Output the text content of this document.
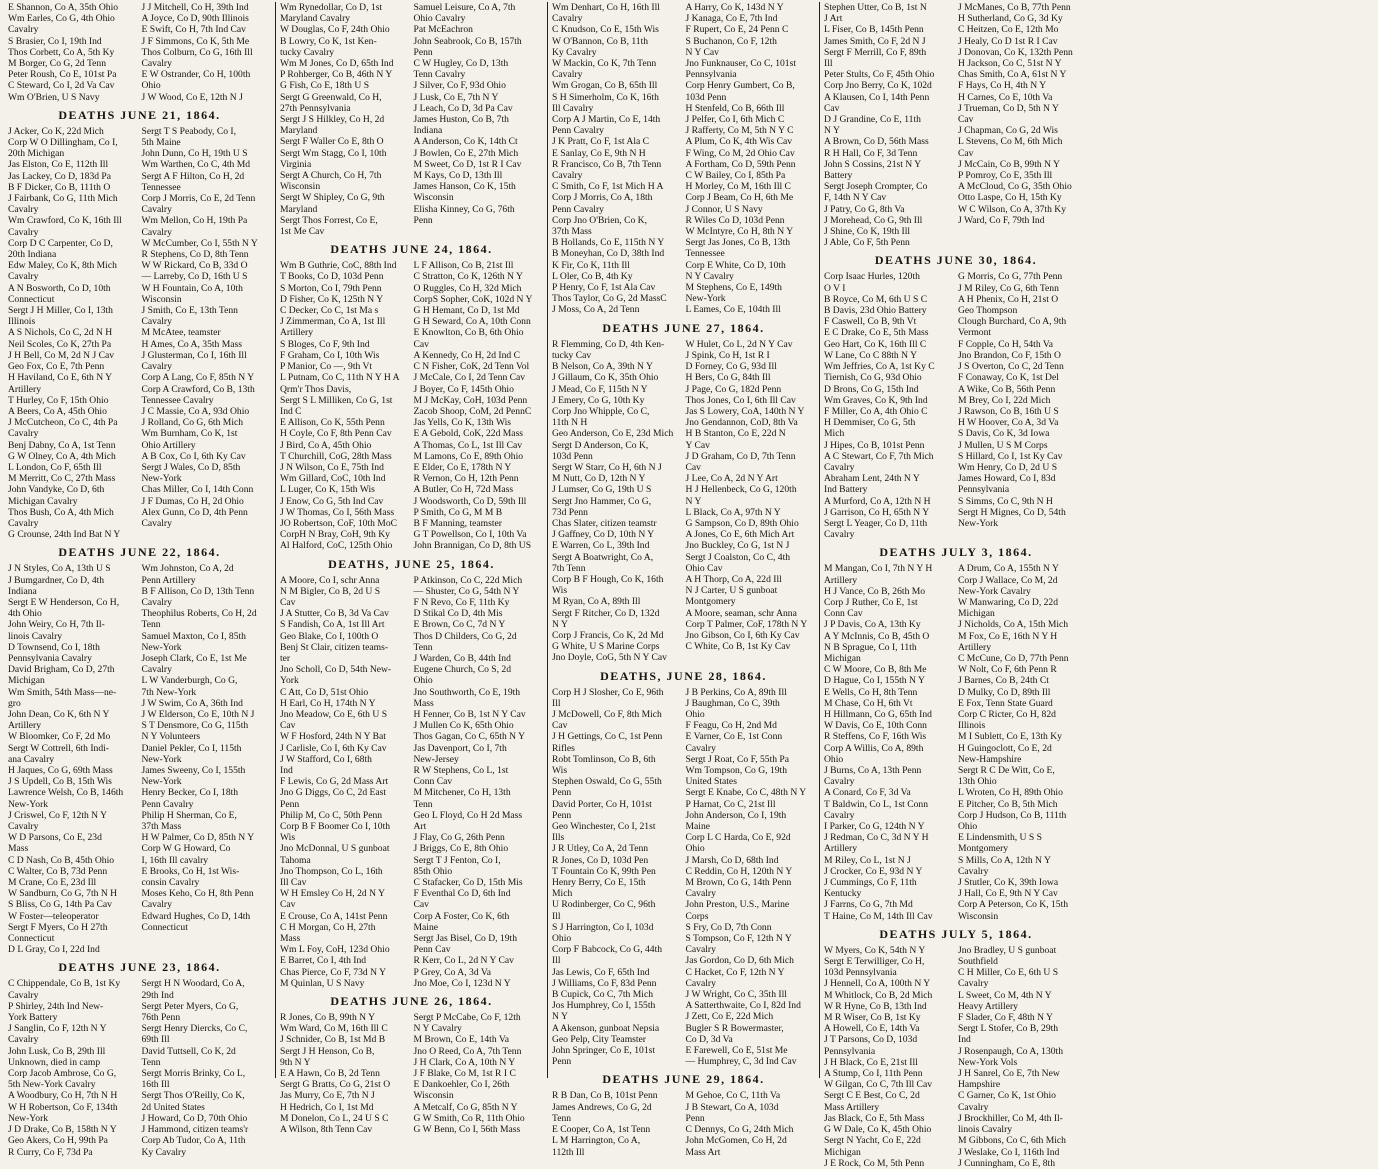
E Shannon, Co A, 35th Ohio	J J Mitchell, Co H, 39th Ind
Wm Earles, Co G, 4th Ohio	A Joyce, Co D, 90th Illinois
Cavalry	E Swift, Co H, 7th Ind Cav
S Brasier, Co I, 19th Ind	J F Simmons, Co K, 5th Me
Thos Corbett, Co A, 5th Ky	Thos Colburn, Co G, 16th Ill
M Borger, Co G, 2d Tenn	Cavalry
Peter Roush, Co E, 101st Pa	E W Ostrander, Co H, 100th
C Steward, Co I, 2d Va Cav	Ohio
Wm O'Brien, U S Navy	J W Wood, Co E, 12th N J
DEATHS JUNE 21, 1864.
J Acker, Co K, 22d Mich	Sergt T S Peabody, Co I,
Corp W O Dillingham, Co I,	5th Maine
20th Michigan	John Dunn, Co H, 19th U S
Jas Elston, Co E, 112th Ill	Wm Warthen, Co C, 4th Md
Jas Lackey, Co D, 183d Pa	Sergt A F Hilton, Co H, 2d
B F Dicker, Co B, 111th O	Tennessee
J Fairbank, Co G, 11th Mich	Corp J Morris, Co E, 2d Tenn
Cavalry	Cavalry
Wm Crawford, Co K, 16th Ill	Wm Mellon, Co H, 19th Pa
Cavalry	Cavalry
Corp D C Carpenter, Co D,	W McCumber, Co I, 55th N Y
20th Indiana	R Stephens, Co D, 8th Tenn
Edw Maley, Co K, 8th Mich	W W Rickard, Co B, 33d O
Cavalry	— Larreby, Co D, 16th U S
A N Bosworth, Co D, 10th	W H Fountain, Co A, 10th
Connecticut	Wisconsin
Sergt J H Miller, Co I, 13th	J Smith, Co E, 13th Tenn
Illinois	Cavalry
A S Nichols, Co C, 2d N H	M McAtee, teamster
Neil Scoles, Co K, 27th Pa	H Ames, Co A, 35th Mass
J H Bell, Co M, 2d N J Cav	J Glusterman, Co I, 16th Ill
Geo Fox, Co E, 7th Penn	Cavalry
H Haviland, Co E, 6th N Y	Corp A Lang, Co F, 85th N Y
Artillery	Corp A Crawford, Co B, 13th
T Hurley, Co F, 15th Ohio	Tennessee Cavalry
A Beers, Co A, 45th Ohio	J C Massie, Co A, 93d Ohio
J McCutcheon, Co C, 4th Pa	J Rolland, Co G, 6th Mich
Cavalry	Wm Burnham, Co K, 1st
Benj Dabny, Co A, 1st Tenn	Ohio Artillery
G W Olney, Co A, 4th Mich	A B Cox, Co I, 6th Ky Cav
L London, Co F, 65th Ill	Sergt J Wales, Co D, 85th
M Merritt, Co C, 27th Mass	New-York
John Vandyke, Co D, 6th	Chas Miller, Co I, 14th Conn
Michigan Cavalry	J F Dumas, Co H, 2d Ohio
Thos Bush, Co A, 4th Mich	Alex Gunn, Co D, 4th Penn
Cavalry	Cavalry
G Crounse, 24th Ind Bat N Y
DEATHS JUNE 22, 1864.
J N Styles, Co A, 13th U S	Wm Johnston, Co A, 2d
J Bumgardner, Co D, 4th	Penn Artillery
Indiana	B F Allison, Co D, 13th Tenn
Sergt E W Henderson, Co H,	Cavalry
4th Ohio	Theophilus Roberts, Co H, 2d
John Weiry, Co H, 7th Il-	Tenn
linois Cavalry	Samuel Maxton, Co I, 85th
D Townsend, Co I, 18th	New-York
Pennsylvania Cavalry	Joseph Clark, Co E, 1st Me
David Brigham, Co D, 27th	Cavalry
Michigan	L W Vanderburgh, Co G,
Wm Smith, 54th Mass—ne-	7th New-York
gro	J W Swim, Co A, 36th Ind
John Dean, Co K, 6th N Y	J W Elderson, Co E, 10th N J
Artillery	S T Densmore, Co G, 115th
W Bloomker, Co F, 2d Mo	N Y Volunteers
Sergt W Cottrell, 6th Indi-	Daniel Pekler, Co I, 115th
ana Cavalry	New-York
H Jaques, Co G, 69th Mass	James Sweeny, Co I, 155th
J S Updell, Co B, 15th Wis	New-York
Lawrence Welsh, Co B, 146th	Henry Becker, Co I, 18th
New-York	Penn Cavalry
J Criswel, Co F, 12th N Y	Philip H Sherman, Co E,
Cavalry	37th Mass
W D Parsons, Co E, 23d	H W Palmer, Co D, 85th N Y
Mass	Corp W G Howard, Co
C D Nash, Co B, 45th Ohio	I, 16th Ill cavalry
C Walter, Co B, 73d Penn	E Brooks, Co H, 1st Wis-
M Crane, Co E, 23d Ill	consin Cavalry
W Sandburn, Co G, 7th N H	Moses Keho, Co H, 8th Penn
S Bliss, Co G, 14th Pa Cav	Cavalry
W Foster—teleoperator	Edward Hughes, Co D, 14th
Sergt F Myers, Co H 27th	Connecticut
Connecticut
D L Gray, Co I, 22d Ind
DEATHS JUNE 23, 1864.
C Chippendale, Co B, 1st Ky	Sergt H N Woodard, Co A,
Cavalry	29th Ind
P Shirley, 24th Ind New-	Sergt Peter Myers, Co G,
York Battery	76th Penn
J Sanglin, Co F, 12th N Y	Sergt Henry Diercks, Co C,
Cavalry	69th Ill
John Lusk, Co B, 29th Ill	David Tuttsell, Co K, 2d
Unknown, died in camp	Tenn
Corp Jacob Ambrose, Co G,	Sergt Morris Brinky, Co L,
5th New-York Cavalry	16th Ill
A Woodbury, Co H, 7th N H	Sergt Thos O'Reilly, Co K,
W H Robertson, Co F, 134th	2d United States
New-York	J Howard, Co D, 70th Ohio
J D Drake, Co B, 158th N Y	J Hammond, citizen teams'r
Geo Akers, Co H, 99th Pa	Corp Ab Tudor, Co A, 11th
R Curry, Co F, 73d Pa	Ky Cavalry
Wm Rynedollar, Co D, 1st	Samuel Leisure, Co A, 7th
Maryland Cavalry	Ohio Cavalry
W Douglas, Co F, 24th Ohio	Pat McEachron
B Lowry, Co K, 1st Ken-	John Seabrook, Co B, 157th
tucky Cavalry	Penn
Wm M Jones, Co D, 65th Ind	C W Hugley, Co D, 13th
P Rohberger, Co B, 46th N Y	Tenn Cavalry
G Fish, Co E, 18th U S	J Silver, Co F, 93d Ohio
Sergt G Greenwald, Co H,	J Lusk, Co E, 7th N Y
27th Pennsylvania	J Leach, Co D, 3d Pa Cav
Sergt J S Hilkley, Co H, 2d	James Huston, Co B, 7th
Maryland	Indiana
Sergt F Waller Co E, 8th O	A Anderson, Co K, 14th Ct
Sergt Wm Stagg, Co I, 10th	J Bowlen, Co E, 27th Mich
Virginia	M Sweet, Co D, 1st R I Cav
Sergt A Church, Co H, 7th	M Kays, Co D, 13th Ill
Wisconsin	James Hanson, Co K, 15th
Sergt W Shipley, Co G, 9th	Wisconsin
Maryland	Elisha Kinney, Co G, 76th
Sergt Thos Forrest, Co E,	Penn
1st Me Cav
DEATHS JUNE 24, 1864.
Wm B Guthrie, CoC, 88th Ind	L F Allison, Co B, 21st Ill
T Books, Co D, 103d Penn	C Stratton, Co K, 126th N Y
S Morton, Co I, 79th Penn	O Ruggles, Co H, 32d Mich
D Fisher, Co K, 125th N Y	CorpS Sopher, CoK, 102d N Y
C Decker, Co C, 1st Ma s	G H Hemant, Co D, 1st Md
J Zimmerman, Co A, 1st Ill	G H Seward, Co A, 10th Conn
Artillery	E Knowlton, Co B, 6th Ohio
S Bloges, Co F, 9th Ind	Cav
F Graham, Co I, 10th Wis	A Kennedy, Co H, 2d Ind C
P Manior, Co —, 9th Vt	C N Fisher, CoK, 2d Tenn Vol
L Putnam, Co C, 11th N Y H A	J McCale, Co I, 2d Tenn Cav
Qrm'r Thos Davis,	J Boyer, Co F, 145th Ohio
Sergt S L Milliken, Co G, 1st	M J McKay, CoH, 103d Penn
Ind C	Zacob Shoop, CoM, 2d PennC
E Allison, Co K, 55th Penn	Jas Yells, Co K, 13th Wis
H Coyle, Co F, 8th Penn Cav	E A Gebold, CoK, 22d Mass
J Bird, Co A, 45th Ohio	A Thomas, Co L, 1st Ill Cav
T Churchill, CoG, 28th Mass	M Lamons, Co E, 89th Ohio
J N Wilson, Co E, 75th Ind	E Elder, Co E, 178th N Y
Wm Gillard, CoC, 10th Ind	R Vernon, Co H, 12th Penn
L Luger, Co K, 15th Wis	A Butler, Co H, 72d Mass
J Enow, Co G, 5th Ind Cav	J Woodsworth, Co D, 59th Ill
J W Thomas, Co I, 56th Mass	P Smith, Co G, M M B
JO Robertson, CoF, 10th MoC	B F Manning, teamster
CorpH N Bray, CoH, 9th Ky	G T Powellson, Co I, 10th Va
Al Halford, CoC, 125th Ohio	John Brannigan, Co D, 8th US
DEATHS, JUNE 25, 1864.
A Moore, Co I, schr Anna	P Atkinson, Co C, 22d Mich
N M Bigler, Co B, 2d U S	— Shuster, Co G, 54th N Y
Cav	F N Revo, Co F, 11th Ky
J A Stutter, Co B, 3d Va Cav	D Stikal Co D, 4th Mis
S Fandish, Co A, 1st Ill Art	E Brown, Co C, 7d N Y
Geo Blake, Co I, 100th O	Thos D Childers, Co G, 2d
Benj St Clair, citizen teams-	Tenn
ter	J Warden, Co B, 44th Ind
Jno Scholl, Co D, 54th New-	Eugene Church, Co S, 2d
York	Ohio
C Att, Co D, 51st Ohio	Jno Southworth, Co E, 19th
H Earl, Co H, 174th N Y	Mass
Jno Meadow, Co E, 6th U S	H Fenner, Co B, 1st N Y Cav
Cav	J Mullen Co K, 65th Ohio
W F Hosford, 24th N Y Bat	Thos Gagan, Co C, 65th N Y
J Carlisle, Co I, 6th Ky Cav	Jas Davenport, Co I, 7th
J W Stafford, Co I, 68th	New-Jersey
Ind	R W Stephens, Co L, 1st
F Lewis, Co G, 2d Mass Art	Conn Cav
Jno G Diggs, Co C, 2d East	M Mitchener, Co H, 13th
Penn	Tenn
Philip M, Co C, 50th Penn	Geo L Floyd, Co H 2d Mass
Corp B F Boomer Co I, 10th	Art
Wis	J Flay, Co G, 26th Penn
Jno McDonnal, U S gunboat	J Briggs, Co E, 8th Ohio
Tahoma	Sergt T J Fenton, Co I,
Jno Thompson, Co L, 16th	85th Ohio
Ill Cav	C Stafacker, Co D, 15th Mis
W H Emsley Co H, 2d N Y	F Eventhal Co D, 6th Ind
Cav	Cav
E Crouse, Co A, 141st Penn	Corp A Foster, Co K, 6th
C H Morgan, Co H, 27th	Maine
Mass	Sergt Jas Bisel, Co D, 19th
Wm L Foy, CoH, 123d Ohio	Penn Cav
E Barret, Co I, 4th Ind	R Kerr, Co L, 2d N Y Cav
Chas Pierce, Co F, 73d N Y	P Grey, Co A, 3d Va
M Quinlan, U S Navy	Jno Moe, Co I, 123d N Y
DEATHS JUNE 26, 1864.
R Jones, Co B, 99th N Y	Sergt P McCabe, Co F, 12th
Wm Ward, Co M, 16th Ill C	N Y Cavalry
J Schnider, Co B, 1st Md B	M Brown, Co E, 14th Va
Sergt J H Henson, Co B,	Jno O Reed, Co A, 7th Tenn
9th N Y	J H Clark, Co A, 10th N Y
E A Hawn, Co B, 2d Tenn	J F Blake, Co M, 1st R I C
Sergt G Bratts, Co G, 21st O	E Dankoehler, Co I, 26th
Jas Murry, Co E, 7th N J	Wisconsin
H Hedrich, Co I, 1st Md	A Metcalf, Co G, 85th N Y
M Donelon, Co L, 24 U S C	G W Smith, Co R, 11th Ohio
A Wilson, 8th Tenn Cav	G W Benn, Co I, 56th Mass
Wm Denhart, Co H, 16th Ill	A Harry, Co K, 143d N Y
Cavalry	J Kanaga, Co E, 7th Ind
C Knudson, Co E, 15th Wis	F Rupert, Co E, 24 Penn C
W O'Bannon, Co B, 11th	S Buchanon, Co F, 12th
Ky Cavalry	N Y Cav
W Mackin, Co K, 7th Tenn	Jno Funknauser, Co C, 101st
Cavalry	Pennsylvania
Wm Grogan, Co B, 65th Ill	Corp Henry Gumbert, Co B,
S H Simerholm, Co K, 16th	103d Penn
Ill Cavalry	H Stenfeld, Co B, 66th Ill
Corp A J Martin, Co E, 14th	J Pelfer, Co I, 6th Mich C
Penn Cavalry	J Rafferty, Co M, 5th N Y C
J K Pratt, Co F, 1st Ala C	A Plum, Co K, 4th Wis Cav
E Sanlay, Co E, 9th N H	F Wing, Co M, 2d Ohio Cav
R Francisco, Co B, 7th Tenn	A Fortham, Co D, 59th Penn
Cavalry	C W Bailey, Co I, 85th Pa
C Smith, Co F, 1st Mich H A	H Morley, Co M, 16th Ill C
Corp J Morris, Co A, 18th	Corp J Beam, Co H, 6th Me
Penn Cavalry	J Connor, U S Navy
Corp Jno O'Brien, Co K,	R Wiles Co D, 103d Penn
37th Mass	W McIntyre, Co H, 8th N Y
B Hollands, Co E, 115th N Y	Sergt Jas Jones, Co B, 13th
B Moneyhan, Co D, 38th Ind	Tennessee
K Fir, Co K, 11th Ill	Corp E White, Co D, 10th
L Oler, Co B, 4th Ky	N Y Cavalry
P Henry, Co F, 1st Ala Cav	M Stephens, Co E, 149th
Thos Taylor, Co G, 2d MassC	New-York
J Moss, Co A, 2d Tenn	L Eames, Co E, 104th Ill
DEATHS JUNE 27, 1864.
R Flemming, Co D, 4th Ken-	W Hulet, Co L, 2d N Y Cav
tucky Cav	J Spink, Co H, 1st R I
B Nelson, Co A, 39th N Y	D Forney, Co G, 93d Ill
J Gillaum, Co K, 35th Ohio	H Bers, Co G, 84th Ill
J Mead, Co F, 115th N Y	J Page, Co G, 182d Penn
J Emery, Co G, 10th Ky	Thos Jones, Co I, 6th Ill Cav
Corp Jno Whipple, Co C,	Jas S Lowery, CoA, 140th N Y
11th N H	Jno Gendannon, CoD, 8th Va
Geo Anderson, Co E, 23d Mich	H B Stanton, Co E, 22d N
Sergt D Anderson, Co K,	Y Cav
103d Penn	J D Graham, Co D, 7th Tenn
Sergt W Starr, Co H, 6th N J	Cav
M Nutt, Co D, 12th N Y	J Lee, Co A, 2d N Y Art
J Lumser, Co G, 19th U S	H J Hellenbeck, Co G, 120th
Sergt Jno Hammer, Co G,	N Y
73d Penn	L Black, Co A, 97th N Y
Chas Slater, citizen teamstr	G Sampson, Co D, 89th Ohio
J Gaffney, Co D, 10th N Y	A Jones, Co E, 6th Mich Art
E Warren, Co L, 39th Ind	Jno Buckley, Co G, 1st N J
Sergt A Boatwright, Co A,	Sergt J Coalston, Co C, 4th
7th Tenn	Ohio Cav
Corp B F Hough, Co K, 16th	A H Thorp, Co A, 22d Ill
Wis	N J Carter, U S gunboat
M Ryan, Co A, 89th Ill	Montgomery
Sergt F Ritcher, Co D, 132d	A Moore, seaman, schr Anna
N Y	Corp T Palmer, CoF, 178th N Y
Corp J Francis, Co K, 2d Md	Jno Gibson, Co I, 6th Ky Cav
G White, U S Marine Corps	C White, Co B, 1st Ky Cav
Jno Doyle, CoG, 5th N Y Cav
DEATHS, JUNE 28, 1864.
Corp H J Slosher, Co E, 96th	J B Perkins, Co A, 89th Ill
Ill	J Baughman, Co C, 39th
J McDowell, Co F, 8th Mich	Ohio
Cav	F Feagu, Co H, 2nd Md
J H Gettings, Co C, 1st Penn	E Varner, Co E, 1st Conn
Rifles	Cavalry
Robt Tomlinson, Co B, 6th	Sergt J Roat, Co F, 55th Pa
Wis	Wm Tompson, Co G, 19th
Stephen Oswald, Co G, 55th	United States
Penn	Sergt E Knabe, Co C, 48th N Y
David Porter, Co H, 101st	P Harnat, Co C, 21st Ill
Penn	John Anderson, Co I, 19th
Geo Winchester, Co I, 21st	Maine
Ills	Corp L C Harda, Co E, 92d
J R Utley, Co A, 2d Tenn	Ohio
R Jones, Co D, 103d Pen	J Marsh, Co D, 68th Ind
T Fountain Co K, 99th Pen	C Reddin, Co H, 120th N Y
Henry Berry, Co E, 15th	M Brown, Co G, 14th Penn
Mich	Cavalry
U Rodinberger, Co C, 96th	John Preston, U.S., Marine
Ill	Corps
S J Harrington, Co I, 103d	S Fry, Co D, 7th Conn
Ohio	S Tompson, Co F, 12th N Y
Corp F Babcock, Co G, 44th	Cavalry
Ill	Jas Gordon, Co D, 6th Mich
Jas Lewis, Co F, 65th Ind	C Hacket, Co F, 12th N Y
J Williams, Co F, 83d Penn	Cavalry
B Cupick, Co C, 7th Mich	J W Wright, Co C, 35th Ill
Jos Humphrey, Co I, 155th	A Satterthwaite, Co I, 82d Ind
N Y	J Zett, Co E, 22d Mich
A Akenson, gunboat Nepsia	Bugler S R Bowermaster,
Geo Pelp, City Teamster	Co D, 3d Va
John Springer, Co E, 101st	E Farewell, Co E, 51st Me
Penn	— Humphrey, C, 3d Ind Cav
DEATHS JUNE 29, 1864.
R B Dan, Co B, 101st Penn	M Gehoe, Co C, 11th Va
James Andrews, Co G, 2d	J B Stewart, Co A, 103d
Tenn	Penn
E Cooper, Co A, 1st Tenn	C Dennys, Co G, 24th Mich
L M Harrington, Co A,	John McGomen, Co H, 2d
112th Ill	Mass Art
Stephen Utter, Co B, 1st N	J McManes, Co B, 77th Penn
J Art	H Sutherland, Co G, 3d Ky
L Fiser, Co B, 145th Penn	C Heitzen, Co E, 12th Mo
James Smith, Co F, 2d N J	J Healy, Co D 1st R I Cav
Sergt F Merrill, Co F, 89th	J Donovan, Co K, 132th Penn
Ill	H Jackson, Co C, 51st N Y
Peter Stults, Co F, 45th Ohio	Chas Smith, Co A, 61st N Y
Corp Jno Berry, Co K, 102d	F Hays, Co H, 4th N Y
A Klausen, Co I, 14th Penn	H Carnes, Co E, 10th Va
Cav	J Trueman, Co D, 5th N Y
D J Grandine, Co E, 11th	Cav
N Y	J Chapman, Co G, 2d Wis
A Brown, Co D, 56th Mass	L Stevens, Co M, 6th Mich
R H Hall, Co F, 3d Tenn	Cav
John S Cossins, 21st N Y	J McCain, Co B, 99th N Y
Battery	P Pomroy, Co E, 35th Ill
Sergt Joseph Crompter, Co	A McCloud, Co G, 35th Ohio
F, 14th N Y Cav	Otto Laspe, Co H, 15th Ky
J Patry, Co G, 8th Va	W C Wilson, Co A, 37th Ky
J Morehead, Co G, 9th Ill	J Ward, Co F, 79th Ind
J Shine, Co K, 19th Ill
J Able, Co F, 5th Penn
DEATHS JUNE 30, 1864.
Corp Isaac Hurles, 120th	G Morris, Co G, 77th Penn
O V I	J M Riley, Co G, 6th Tenn
B Royce, Co M, 6th U S C	A H Phenix, Co H, 21st O
B Davis, 23d Ohio Battery	Geo Thompson
F Caswell, Co B, 9th Vt	Clough Burchard, Co A, 9th
E C Drake, Co E, 5th Mass	Vermont
Geo Hart, Co K, 16th Ill C	F Copple, Co H, 54th Va
W Lane, Co C 88th N Y	Jno Brandon, Co F, 15th O
Wm Jeffries, Co A, 1st Ky C	J S Overton, Co C, 2d Tenn
Tiernish, Co G, 93d Ohio	F Conaway, Co K, 1st Del
D Brons, Co G, 15th Ind	A Wike, Co B, 56th Penn
Wm Graves, Co K, 9th Ind	M Brey, Co I, 22d Mich
F Miller, Co A, 4th Ohio C	J Rawson, Co B, 16th U S
H Demmiser, Co G, 5th	H W Hoover, Co A, 3d Va
Mich	S Davis, Co K, 3d Iowa
J Hipes, Co B, 101st Penn	J Mullen, U S M Corps
A C Stewart, Co F, 7th Mich	S Hillard, Co I, 1st Ky Cav
Cavalry	Wm Henry, Co D, 2d U S
Abraham Lent, 24th N Y	James Howard, Co I, 83d
Ind Battery	Pennsylvania
A Murford, Co A, 12th N H	S Simms, Co C, 9th N H
J Garrison, Co H, 65th N Y	Sergt H Mignes, Co D, 54th
Sergt L Yeager, Co D, 11th	New-York
Cavalry
DEATHS JULY 3, 1864.
M Mangan, Co I, 7th N Y H	A Drum, Co A, 155th N Y
Artillery	Corp J Wallace, Co M, 2d
H J Vance, Co B, 26th Mo	New-York Cavalry
Corp J Ruther, Co E, 1st	W Manwaring, Co D, 22d
Conn Cav	Michigan
J P Davis, Co A, 13th Ky	J Nicholds, Co A, 15th Mich
A Y McInnis, Co B, 45th O	M Fox, Co E, 16th N Y H
N B Sprague, Co I, 11th	Artillery
Michigan	C McCune, Co D, 77th Penn
C W Moore, Co B, 8th Me	W Nolt, Co F, 6th Penn R
D Hague, Co I, 155th N Y	J Barnes, Co B, 24th Ct
E Wells, Co H, 8th Tenn	D Mulky, Co D, 89th Ill
M Chase, Co H, 6th Vt	E Fox, Tenn State Guard
H Hillmann, Co G, 65th Ind	Corp C Ricter, Co H, 82d
W Davis, Co E, 10th Conn	Illinois
R Steffens, Co F, 16th Wis	M I Sublett, Co E, 13th Ky
Corp A Willis, Co A, 89th	H Guingoclott, Co E, 2d
Ohio	New-Hampshire
J Burns, Co A, 13th Penn	Sergt R C De Witt, Co E,
Cavalry	13th Ohio
A Conard, Co F, 3d Va	L Wroten, Co H, 89th Ohio
T Baldwin, Co L, 1st Conn	E Pitcher, Co B, 5th Mich
Cavalry	Corp J Hudson, Co B, 111th
I Parker, Co G, 124th N Y	Ohio
J Redman, Co C, 3d N Y H	E Lindensmith, U S S
Artillery	Montgomery
M Riley, Co L, 1st N J	S Mills, Co A, 12th N Y
J Crocker, Co E, 93d N Y	Cavalry
J Cummings, Co F, 11th	J Stutler, Co K, 39th Iowa
Kentucky	J Hall, Co E, 9th N Y Cav
J Farrns, Co G, 7th Md	Corp A Peterson, Co K, 15th
T Haine, Co M, 14th Ill Cav	Wisconsin
DEATHS JULY 5, 1864.
W Myers, Co K, 54th N Y	Jno Bradley, U S gunboat
Sergt E Terwilliger, Co H,	Southfield
103d Pennsylvania	C H Miller, Co E, 6th U S
J Hennell, Co A, 100th N Y	Cavalry
M Whitlock, Co B, 2d Mich	L Sweet, Co M, 4th N Y
W R Hyne, Co B, 13th Ind	Heavy Artillery
M R Wiser, Co B, 1st Ky	F Slader, Co F, 48th N Y
A Howell, Co E, 14th Va	Sergt L Stofer, Co B, 29th
J T Parsons, Co D, 103d	Ind
Pennsylvania	J Rosenpaugh, Co A, 130th
J H Black, Co E, 21st Ill	New-York Vols
A Stump, Co I, 11th Penn	J H Sanrel, Co E, 7th New
W Gilgan, Co C, 7th Ill Cav	Hampshire
Sergt C E Best, Co C, 2d	C Garner, Co K, 1st Ohio
Mass Artillery	Cavalry
Jas Black, Co E, 5th Mass	J Brockhiller, Co M, 4th Il-
G W Dale, Co K, 45th Ohio	linois Cavalry
Sergt N Yacht, Co E, 22d	M Gibbons, Co C, 6th Mich
Michigan	J Weslake, Co I, 116th Ind
J E Rock, Co M, 5th Penn	J Cunningham, Co E, 8th
